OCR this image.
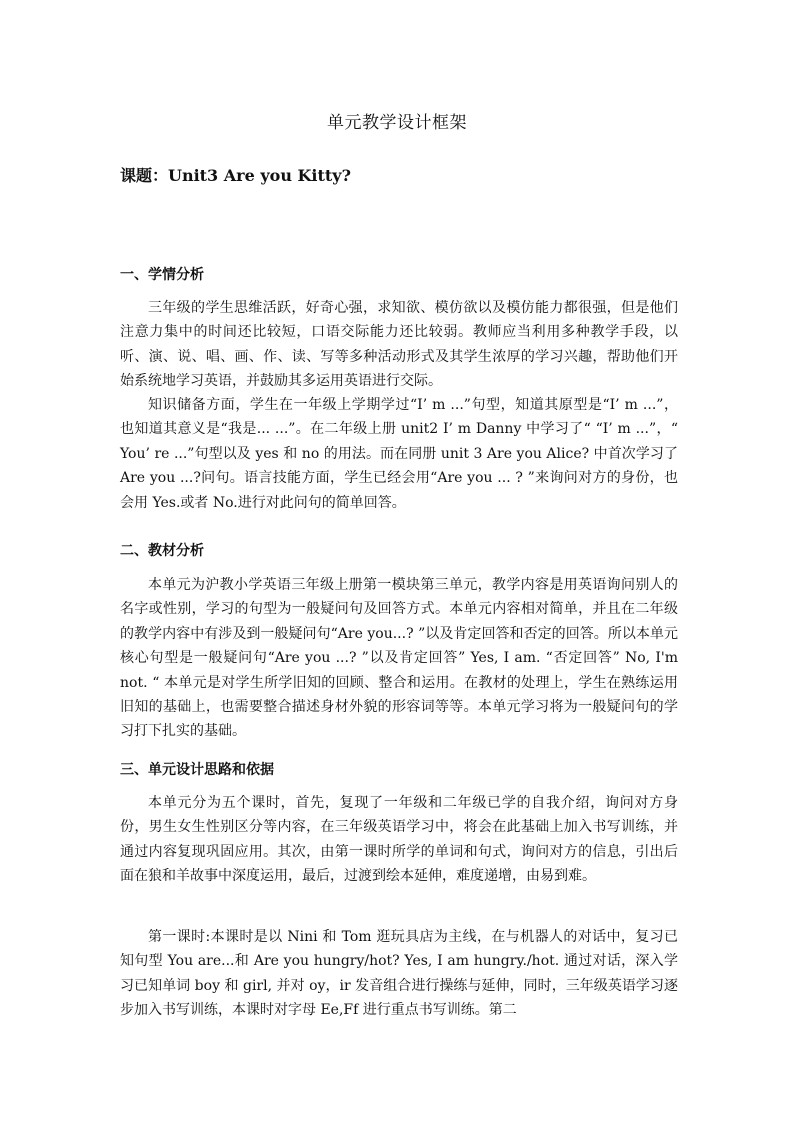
单元教学设计框架
课题：Unit3 Are you Kitty?
一、学情分析
三年级的学生思维活跃，好奇心强，求知欲、模仿欲以及模仿能力都很强，但是他们注意力集中的时间还比较短，口语交际能力还比较弱。教师应当利用多种教学手段，以听、演、说、唱、画、作、读、写等多种活动形式及其学生浓厚的学习兴趣，帮助他们开始系统地学习英语，并鼓励其多运用英语进行交际。
知识储备方面，学生在一年级上学期学过“I’ m ...”句型，知道其原型是“I’ m ...”， 也知道其意义是“我是... ...”。在二年级上册 unit2 I’ m Danny 中学习了“ “I’ m ...”，“ You’ re ...”句型以及 yes 和 no 的用法。而在同册 unit 3 Are you Alice? 中首次学习了 Are you ...?问句。语言技能方面，学生已经会用“Are you ... ? ”来询问对方的身份，也会用 Yes.或者 No.进行对此问句的简单回答。
二、教材分析
本单元为沪教小学英语三年级上册第一模块第三单元，教学内容是用英语询问别人的名字或性别，学习的句型为一般疑问句及回答方式。本单元内容相对简单，并且在二年级的教学内容中有涉及到一般疑问句“Are you...? ”以及肯定回答和否定的回答。所以本单元核心句型是一般疑问句“Are you ...? ”以及肯定回答” Yes, I am. “否定回答” No, I'm not. “ 本单元是对学生所学旧知的回顾、整合和运用。在教材的处理上，学生在熟练运用旧知的基础上，也需要整合描述身材外貌的形容词等等。本单元学习将为一般疑问句的学习打下扎实的基础。
三、单元设计思路和依据
本单元分为五个课时，首先，复现了一年级和二年级已学的自我介绍，询问对方身份，男生女生性别区分等内容，在三年级英语学习中，将会在此基础上加入书写训练，并通过内容复现巩固应用。其次，由第一课时所学的单词和句式，询问对方的信息，引出后面在狼和羊故事中深度运用，最后，过渡到绘本延伸，难度递增，由易到难。
第一课时:本课时是以 Nini 和 Tom 逛玩具店为主线，在与机器人的对话中，复习已知句型 You are...和 Are you hungry/hot? Yes, I am hungry./hot. 通过对话，深入学习已知单词 boy 和 girl, 并对 oy，ir 发音组合进行操练与延伸，同时，三年级英语学习逐步加入书写训练，本课时对字母 Ee,Ff 进行重点书写训练。第二
